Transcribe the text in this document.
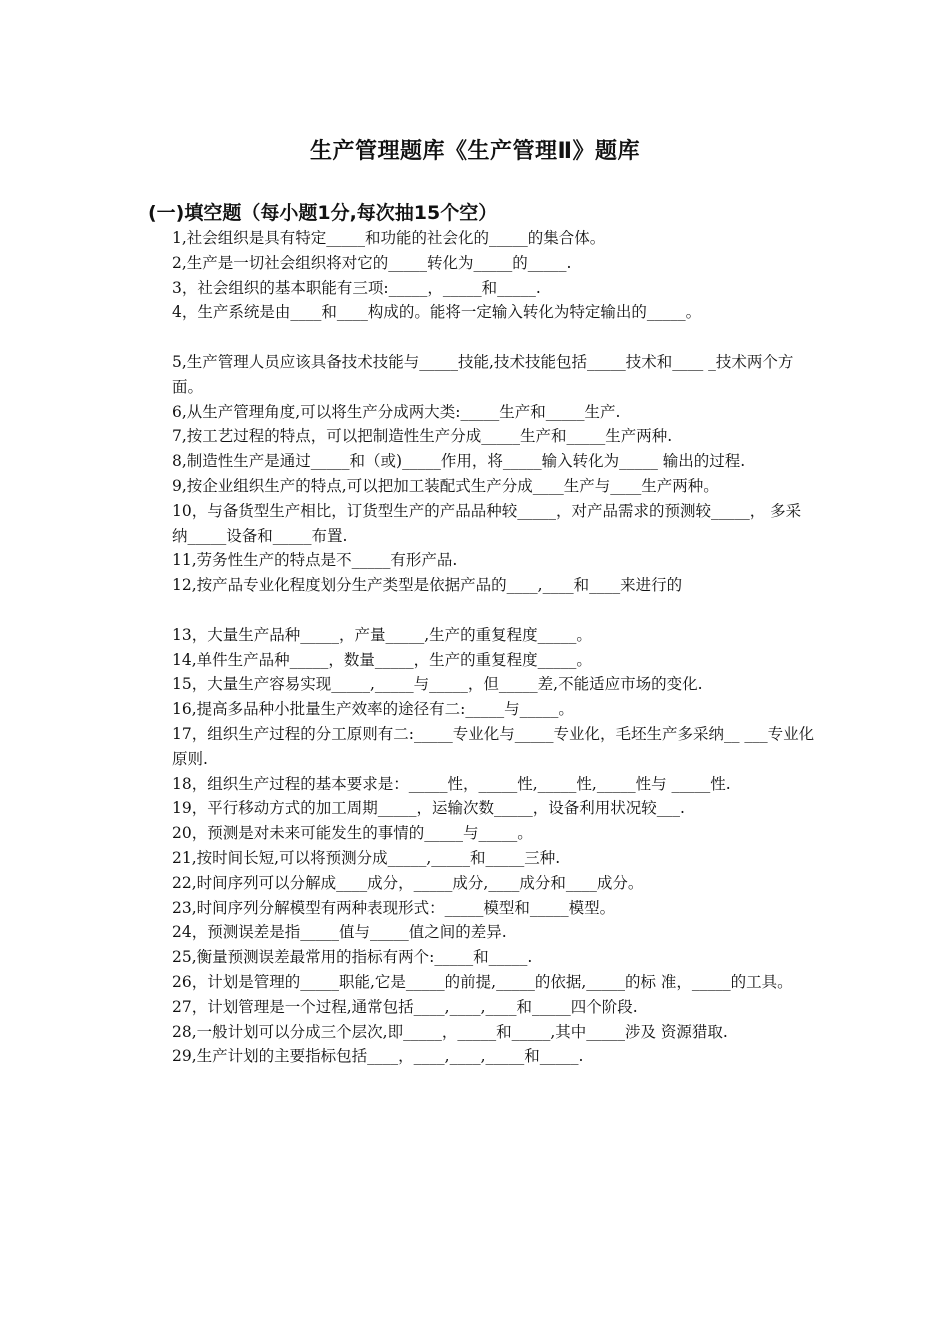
生产管理题库《生产管理Ⅱ》题库
(一)填空题（每小题1分,每次抽15个空）
1,社会组织是具有特定_____和功能的社会化的_____的集合体。
2,生产是一切社会组织将对它的_____转化为_____的_____.
3，社会组织的基本职能有三项:_____，_____和_____.
4，生产系统是由____和____构成的。能将一定输入转化为特定输出的_____。
5,生产管理人员应该具备技术技能与_____技能,技术技能包括_____技术和____ _技术两个方面。
6,从生产管理角度,可以将生产分成两大类:_____生产和_____生产.
7,按工艺过程的特点，可以把制造性生产分成_____生产和_____生产两种.
8,制造性生产是通过_____和（或)_____作用，将_____输入转化为_____ 输出的过程.
9,按企业组织生产的特点,可以把加工装配式生产分成____生产与____生产两种。
10，与备货型生产相比，订货型生产的产品品种较_____，对产品需求的预测较_____， 多采纳_____设备和_____布置.
11,劳务性生产的特点是不_____有形产品.
12,按产品专业化程度划分生产类型是依据产品的____,____和____来进行的
13，大量生产品种_____，产量_____,生产的重复程度_____。
14,单件生产品种_____，数量_____，生产的重复程度_____。
15，大量生产容易实现_____,_____与_____，但_____差,不能适应市场的变化.
16,提高多品种小批量生产效率的途径有二:_____与_____。
17，组织生产过程的分工原则有二:_____专业化与_____专业化，毛坯生产多采纳__ ___专业化原则.
18，组织生产过程的基本要求是：_____性，_____性,_____性,_____性与 _____性.
19，平行移动方式的加工周期_____，运输次数_____，设备利用状况较___.
20，预测是对未来可能发生的事情的_____与_____。
21,按时间长短,可以将预测分成_____,_____和_____三种.
22,时间序列可以分解成____成分，_____成分,____成分和____成分。
23,时间序列分解模型有两种表现形式：_____模型和_____模型。
24，预测误差是指_____值与_____值之间的差异.
25,衡量预测误差最常用的指标有两个:_____和_____.
26，计划是管理的_____职能,它是_____的前提,_____的依据,_____的标 准，_____的工具。
27，计划管理是一个过程,通常包括____,____,____和_____四个阶段.
28,一般计划可以分成三个层次,即_____，_____和_____,其中_____涉及 资源猎取.
29,生产计划的主要指标包括____，____,____,_____和_____.
